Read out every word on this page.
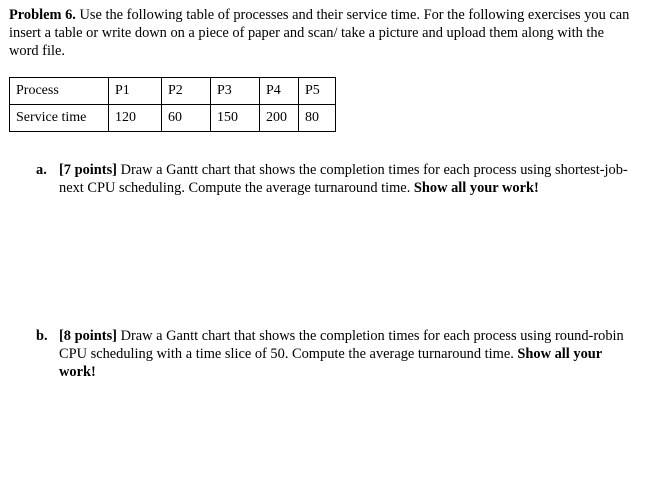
Problem 6. Use the following table of processes and their service time. For the following exercises you can insert a table or write down on a piece of paper and scan/ take a picture and upload them along with the word file.

Process	P1	P2	P3	P4	P5
Service time	120	60	150	200	80
a. [7 points] Draw a Gantt chart that shows the completion times for each process using shortest-job-next CPU scheduling. Compute the average turnaround time. Show all your work!
b. [8 points] Draw a Gantt chart that shows the completion times for each process using round-robin CPU scheduling with a time slice of 50. Compute the average turnaround time. Show all your work!
